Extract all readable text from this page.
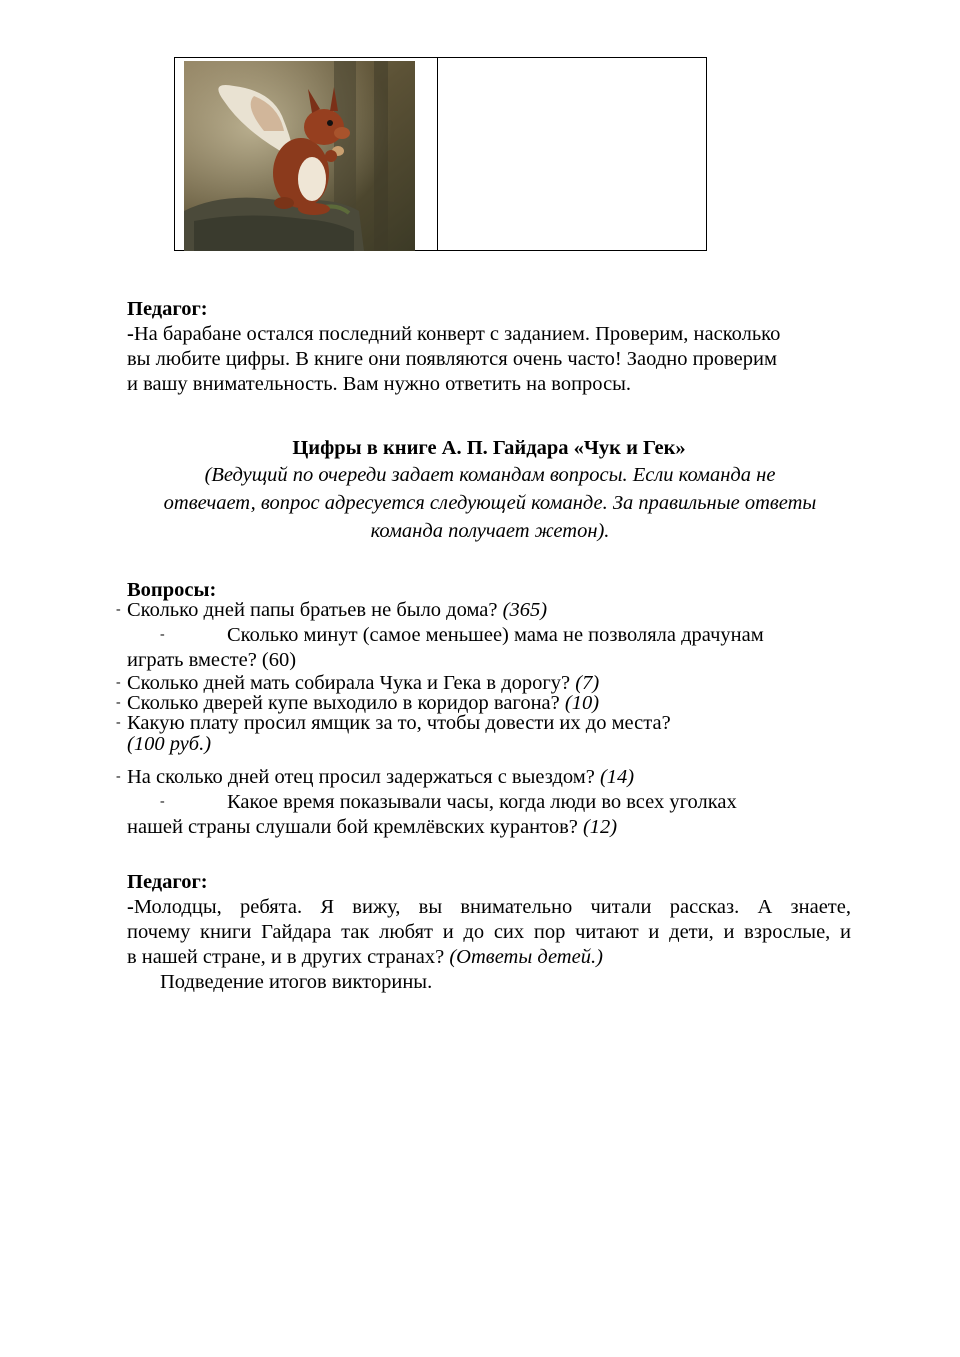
Педагог:
-На барабане остался последний конверт с заданием. Проверим, насколько
вы любите цифры. В книге они появляются очень часто! Заодно проверим
и вашу внимательность. Вам нужно ответить на вопросы.
Цифры в книге А. П. Гайдара «Чук и Гек»
(Ведущий по очереди задает командам вопросы. Если команда не
отвечает, вопрос адресуется следующей команде. За правильные ответы
команда получает жетон).
Вопросы:
- Сколько дней папы братьев не было дома? (365)
-	Сколько минут (самое меньшее) мама не позволяла драчунам
играть вместе? (60)
- Сколько дней мать собирала Чука и Гека в дорогу? (7)
- Сколько дверей купе выходило в коридор вагона? (10)
- Какую плату просил ямщик за то, чтобы довести их до места?
(100 руб.)
- На сколько дней отец просил задержаться с выездом? (14)
-	Какое время показывали часы, когда люди во всех уголках
нашей страны слушали бой кремлёвских курантов? (12)
Педагог:
-Молодцы, ребята. Я вижу, вы внимательно читали рассказ. А знаете,
почему книги Гайдара так любят и до сих пор читают и дети, и взрослые, и
в нашей стране, и в других странах? (Ответы детей.)
Подведение итогов викторины.
